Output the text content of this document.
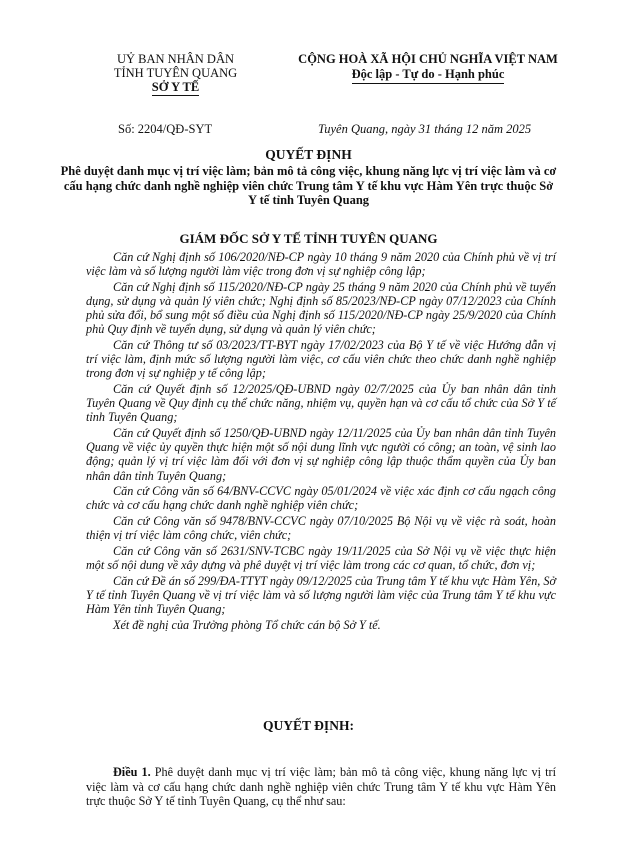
UỶ BAN NHÂN DÂN
TỈNH TUYÊN QUANG
SỞ Y TẾ
CỘNG HOÀ XÃ HỘI CHỦ NGHĨA VIỆT NAM
Độc lập - Tự do - Hạnh phúc
Số: 2204/QĐ-SYT	Tuyên Quang, ngày 31 tháng 12 năm 2025
QUYẾT ĐỊNH
Phê duyệt danh mục vị trí việc làm; bản mô tả công việc, khung năng lực vị trí việc làm và cơ cấu hạng chức danh nghề nghiệp viên chức Trung tâm Y tế khu vực Hàm Yên trực thuộc Sở Y tế tỉnh Tuyên Quang
GIÁM ĐỐC SỞ Y TẾ TỈNH TUYÊN QUANG

Căn cứ Nghị định số 106/2020/NĐ-CP ngày 10 tháng 9 năm 2020 của Chính phủ về vị trí việc làm và số lượng người làm việc trong đơn vị sự nghiệp công lập;

Căn cứ Nghị định số 115/2020/NĐ-CP ngày 25 tháng 9 năm 2020 của Chính phủ về tuyển dụng, sử dụng và quản lý viên chức; Nghị định số 85/2023/NĐ-CP ngày 07/12/2023 của Chính phủ sửa đổi, bổ sung một số điều của Nghị định số 115/2020/NĐ-CP ngày 25/9/2020 của Chính phủ Quy định về tuyển dụng, sử dụng và quản lý viên chức;

Căn cứ Thông tư số 03/2023/TT-BYT ngày 17/02/2023 của Bộ Y tế về việc Hướng dẫn vị trí việc làm, định mức số lượng người làm việc, cơ cấu viên chức theo chức danh nghề nghiệp trong đơn vị sự nghiệp y tế công lập;

Căn cứ Quyết định số 12/2025/QĐ-UBND ngày 02/7/2025 của Ủy ban nhân dân tỉnh Tuyên Quang về Quy định cụ thể chức năng, nhiệm vụ, quyền hạn và cơ cấu tổ chức của Sở Y tế tỉnh Tuyên Quang;

Căn cứ Quyết định số 1250/QĐ-UBND ngày 12/11/2025 của Ủy ban nhân dân tỉnh Tuyên Quang về việc ủy quyền thực hiện một số nội dung lĩnh vực người có công; an toàn, vệ sinh lao động; quản lý vị trí việc làm đối với đơn vị sự nghiệp công lập thuộc thẩm quyền của Ủy ban nhân dân tỉnh Tuyên Quang;

Căn cứ Công văn số 64/BNV-CCVC ngày 05/01/2024 về việc xác định cơ cấu ngạch công chức và cơ cấu hạng chức danh nghề nghiệp viên chức;

Căn cứ Công văn số 9478/BNV-CCVC ngày 07/10/2025 Bộ Nội vụ về việc rà soát, hoàn thiện vị trí việc làm công chức, viên chức;

Căn cứ Công văn số 2631/SNV-TCBC ngày 19/11/2025 của Sở Nội vụ về việc thực hiện một số nội dung về xây dựng và phê duyệt vị trí việc làm trong các cơ quan, tổ chức, đơn vị;

Căn cứ Đề án số 299/ĐA-TTYT ngày 09/12/2025 của Trung tâm Y tế khu vực Hàm Yên, Sở Y tế tỉnh Tuyên Quang về vị trí việc làm và số lượng người làm việc của Trung tâm Y tế khu vực Hàm Yên tỉnh Tuyên Quang;

Xét đề nghị của Trưởng phòng Tổ chức cán bộ Sở Y tế.

QUYẾT ĐỊNH:

Điều 1. Phê duyệt danh mục vị trí việc làm; bản mô tả công việc, khung năng lực vị trí việc làm và cơ cấu hạng chức danh nghề nghiệp viên chức Trung tâm Y tế khu vực Hàm Yên trực thuộc Sở Y tế tỉnh Tuyên Quang, cụ thể như sau:
